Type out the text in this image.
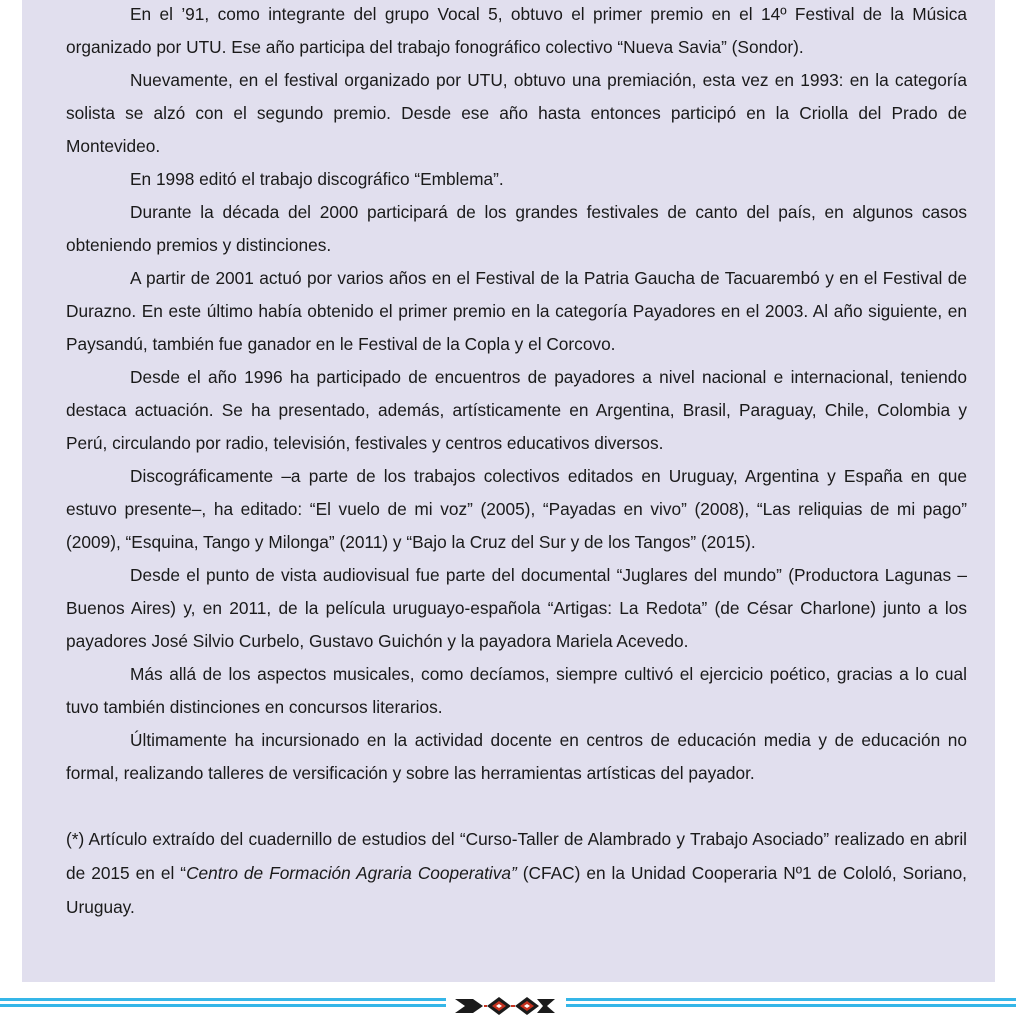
En el ’91, como integrante del grupo Vocal 5, obtuvo el primer premio en el 14º Festival de la Música organizado por UTU. Ese año participa del trabajo fonográfico colectivo “Nueva Savia” (Sondor).

Nuevamente, en el festival organizado por UTU, obtuvo una premiación, esta vez en 1993: en la categoría solista se alzó con el segundo premio. Desde ese año hasta entonces participó en la Criolla del Prado de Montevideo.

En 1998 editó el trabajo discográfico “Emblema”.

Durante la década del 2000 participará de los grandes festivales de canto del país, en algunos casos obteniendo premios y distinciones.

A partir de 2001 actuó por varios años en el Festival de la Patria Gaucha de Tacuarembó y en el Festival de Durazno. En este último había obtenido el primer premio en la categoría Payadores en el 2003. Al año siguiente, en Paysandú, también fue ganador en le Festival de la Copla y el Corcovo.

Desde el año 1996 ha participado de encuentros de payadores a nivel nacional e internacional, teniendo destaca actuación. Se ha presentado, además, artísticamente en Argentina, Brasil, Paraguay, Chile, Colombia y Perú, circulando por radio, televisión, festivales y centros educativos diversos.

Discográficamente –a parte de los trabajos colectivos editados en Uruguay, Argentina y España en que estuvo presente–, ha editado: “El vuelo de mi voz” (2005), “Payadas en vivo” (2008), “Las reliquias de mi pago” (2009), “Esquina, Tango y Milonga” (2011) y “Bajo la Cruz del Sur y de los Tangos” (2015).

Desde el punto de vista audiovisual fue parte del documental “Juglares del mundo” (Productora Lagunas – Buenos Aires) y, en 2011, de la película uruguayo-española “Artigas: La Redota” (de César Charlone) junto a los payadores José Silvio Curbelo, Gustavo Guichón y la payadora Mariela Acevedo.

Más allá de los aspectos musicales, como decíamos, siempre cultivó el ejercicio poético, gracias a lo cual tuvo también distinciones en concursos literarios.

Últimamente ha incursionado en la actividad docente en centros de educación media y de educación no formal, realizando talleres de versificación y sobre las herramientas artísticas del payador.

(*) Artículo extraído del cuadernillo de estudios del “Curso-Taller de Alambrado y Trabajo Asociado” realizado en abril de 2015 en el “Centro de Formación Agraria Cooperativa” (CFAC) en la Unidad Cooperaria Nº1 de Cololó, Soriano, Uruguay.
